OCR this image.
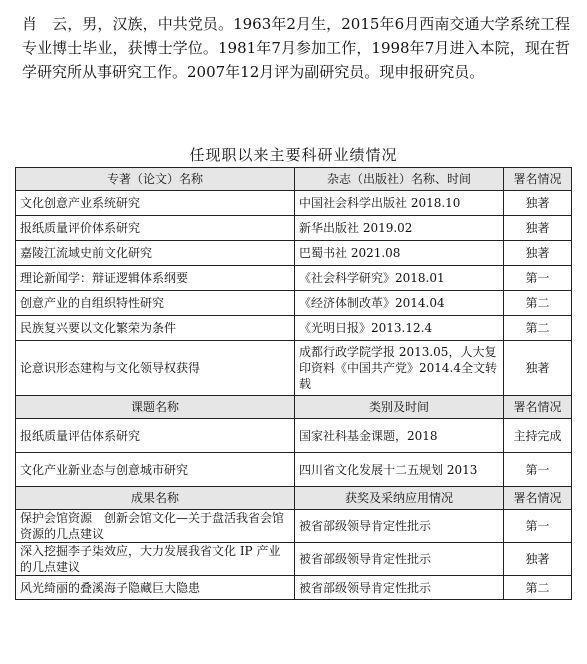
肖　云，男，汉族，中共党员。1963年2月生，2015年6月西南交通大学系统工程专业博士毕业，获博士学位。1981年7月参加工作，1998年7月进入本院，现在哲学研究所从事研究工作。2007年12月评为副研究员。现申报研究员。

任现职以来主要科研业绩情况
专著（论文）名称	杂志（出版社）名称、时间	署名情况
文化创意产业系统研究	中国社会科学出版社 2018.10	独著
报纸质量评价体系研究	新华出版社 2019.02	独著
嘉陵江流域史前文化研究	巴蜀书社 2021.08	独著
理论新闻学：辩证逻辑体系纲要	《社会科学研究》2018.01	第一
创意产业的自组织特性研究	《经济体制改革》2014.04	第二
民族复兴要以文化繁荣为条件	《光明日报》2013.12.4	第二
论意识形态建构与文化领导权获得	成都行政学院学报 2013.05，人大复印资料《中国共产党》2014.4全文转载	独著
课题名称	类别及时间	署名情况
报纸质量评估体系研究	国家社科基金课题，2018	主持完成
文化产业新业态与创意城市研究	四川省文化发展十二五规划 2013	第一
成果名称	获奖及采纳应用情况	署名情况
保护会馆资源　创新会馆文化—关于盘活我省会馆资源的几点建议	被省部级领导肯定性批示	第一
深入挖掘李子柒效应，大力发展我省文化 IP 产业的几点建议	被省部级领导肯定性批示	独著
风光绮丽的叠溪海子隐藏巨大隐患	被省部级领导肯定性批示	第二
